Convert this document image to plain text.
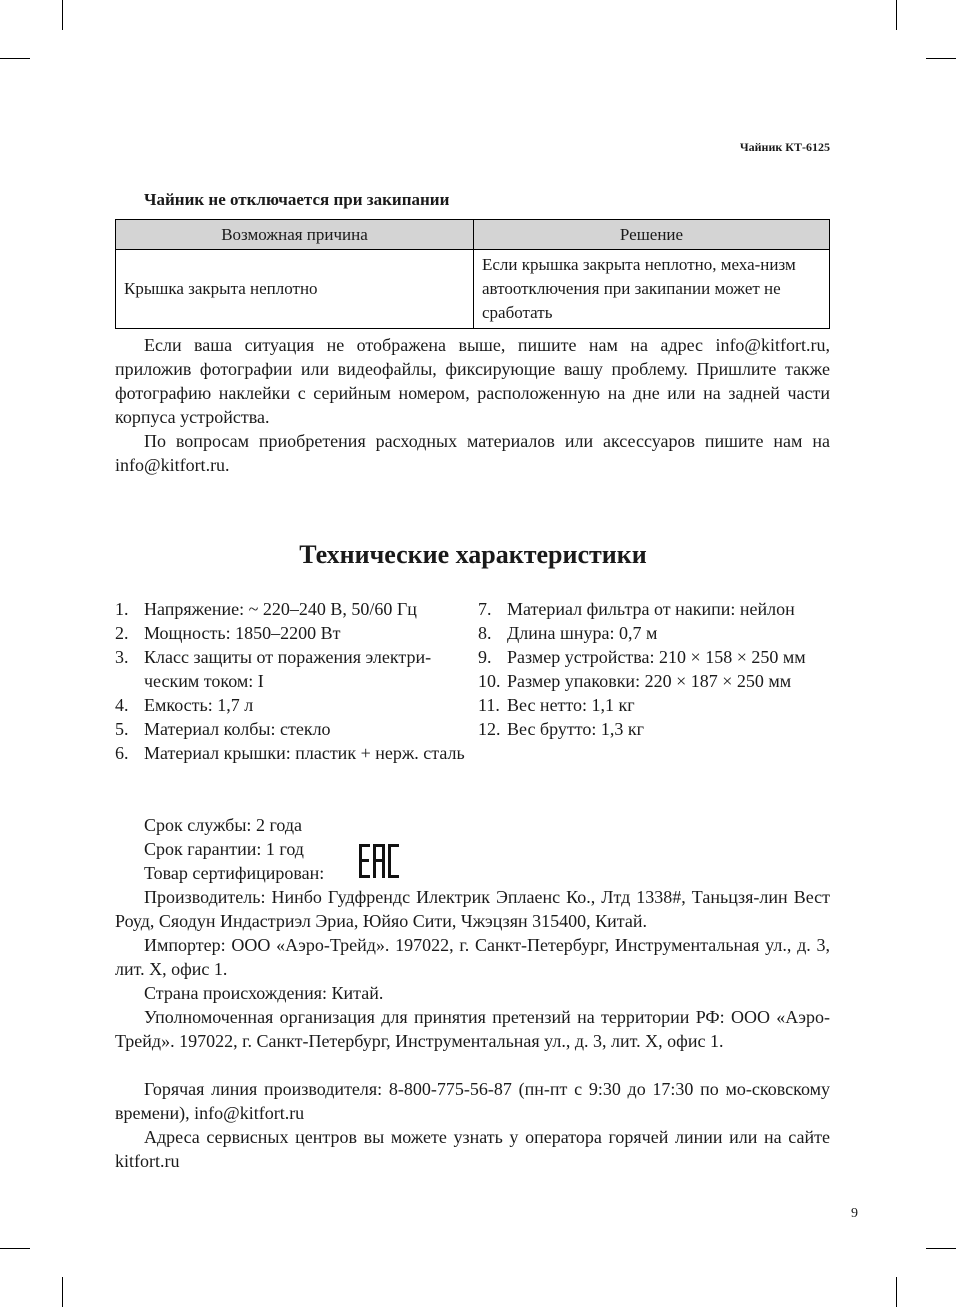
Чайник КТ-6125
Чайник не отключается при закипании
Возможная причина	Решение
Крышка закрыта неплотно	Если крышка закрыта неплотно, меха-низм автоотключения при закипании может не сработать

Если ваша ситуация не отображена выше, пишите нам на адрес info@kitfort.ru, приложив фотографии или видеофайлы, фиксирующие вашу проблему. Пришлите также фотографию наклейки с серийным номером, расположенную на дне или на задней части корпуса устройства.

По вопросам приобретения расходных материалов или аксессуаров пишите нам на info@kitfort.ru.

Технические характеристики
1. Напряжение: ~ 220–240 В, 50/60 Гц
2. Мощность: 1850–2200 Вт
3. Класс защиты от поражения электри-ческим током: I
4. Емкость: 1,7 л
5. Материал колбы: стекло
6. Материал крышки: пластик + нерж. сталь
7. Материал фильтра от накипи: нейлон
8. Длина шнура: 0,7 м
9. Размер устройства: 210 × 158 × 250 мм
10. Размер упаковки: 220 × 187 × 250 мм
11. Вес нетто: 1,1 кг
12. Вес брутто: 1,3 кг
Срок службы: 2 года
Срок гарантии: 1 год
Товар сертифицирован:

Производитель: Нинбо Гудфрендс Илектрик Эплаенс Ко., Лтд 1338#, Таньцзя-лин Вест Роуд, Сяодун Индастриэл Эриа, Юйяо Сити, Чжэцзян 315400, Китай.

Импортер: ООО «Аэро-Трейд». 197022, г. Санкт-Петербург, Инструментальная ул., д. 3, лит. Х, офис 1.

Страна происхождения: Китай.

Уполномоченная организация для принятия претензий на территории РФ: ООО «Аэро-Трейд». 197022, г. Санкт-Петербург, Инструментальная ул., д. 3, лит. Х, офис 1.

Горячая линия производителя: 8-800-775-56-87 (пн-пт с 9:30 до 17:30 по мо-сковскому времени), info@kitfort.ru

Адреса сервисных центров вы можете узнать у оператора горячей линии или на сайте kitfort.ru

9
